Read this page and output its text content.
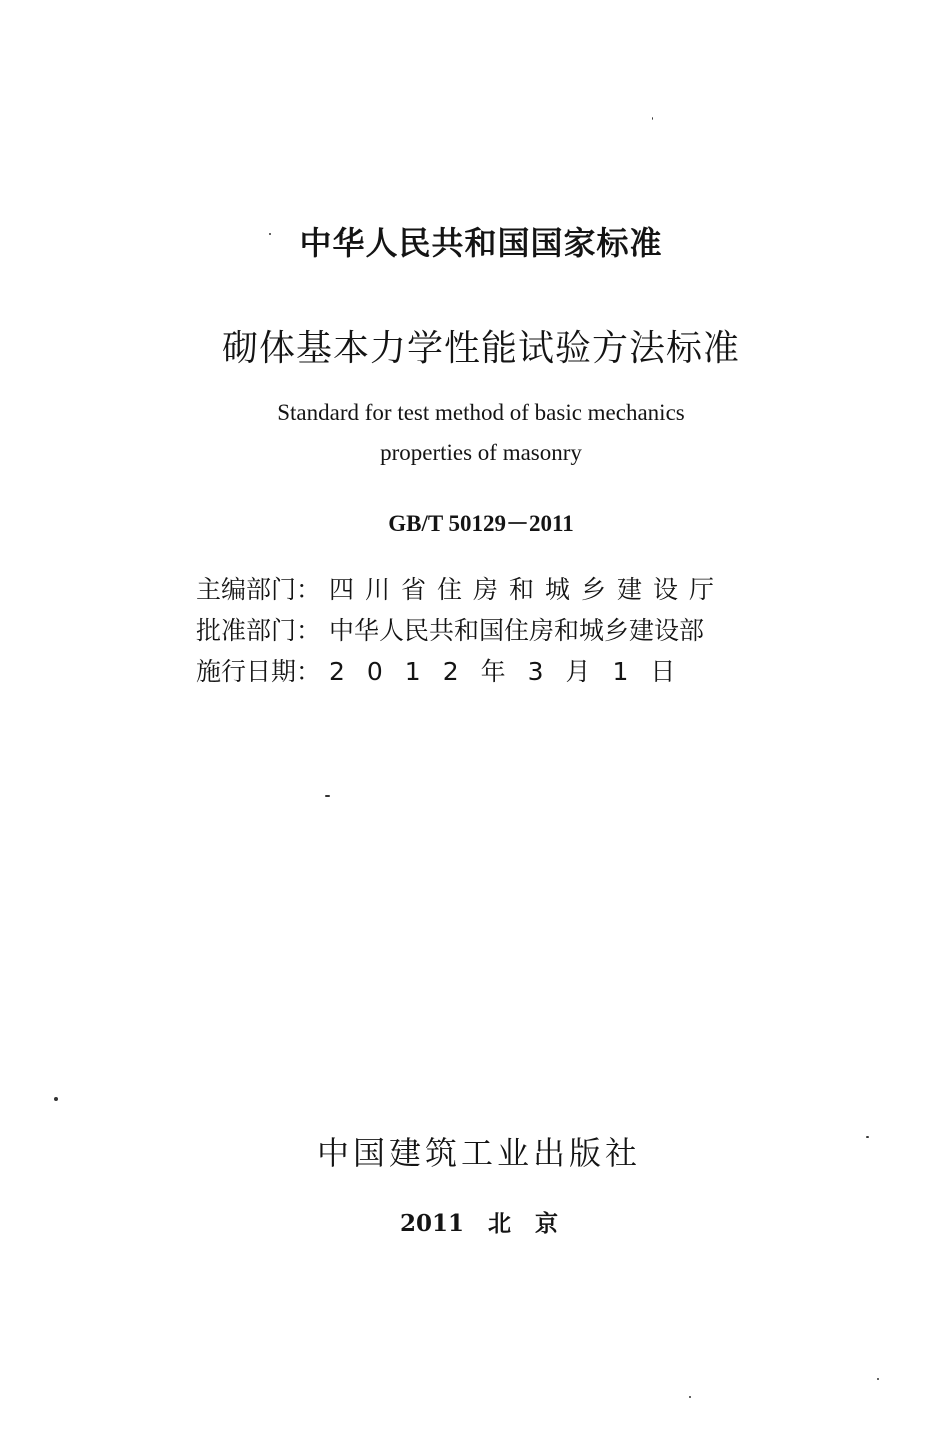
中华人民共和国国家标准
砌体基本力学性能试验方法标准
Standard for test method of basic mechanics
properties of masonry
GB/T 50129－2011
主编部门： 四川省住房和城乡建设厅
批准部门： 中华人民共和国住房和城乡建设部
施行日期： 2012年3月1日
中国建筑工业出版社
2011 北 京
